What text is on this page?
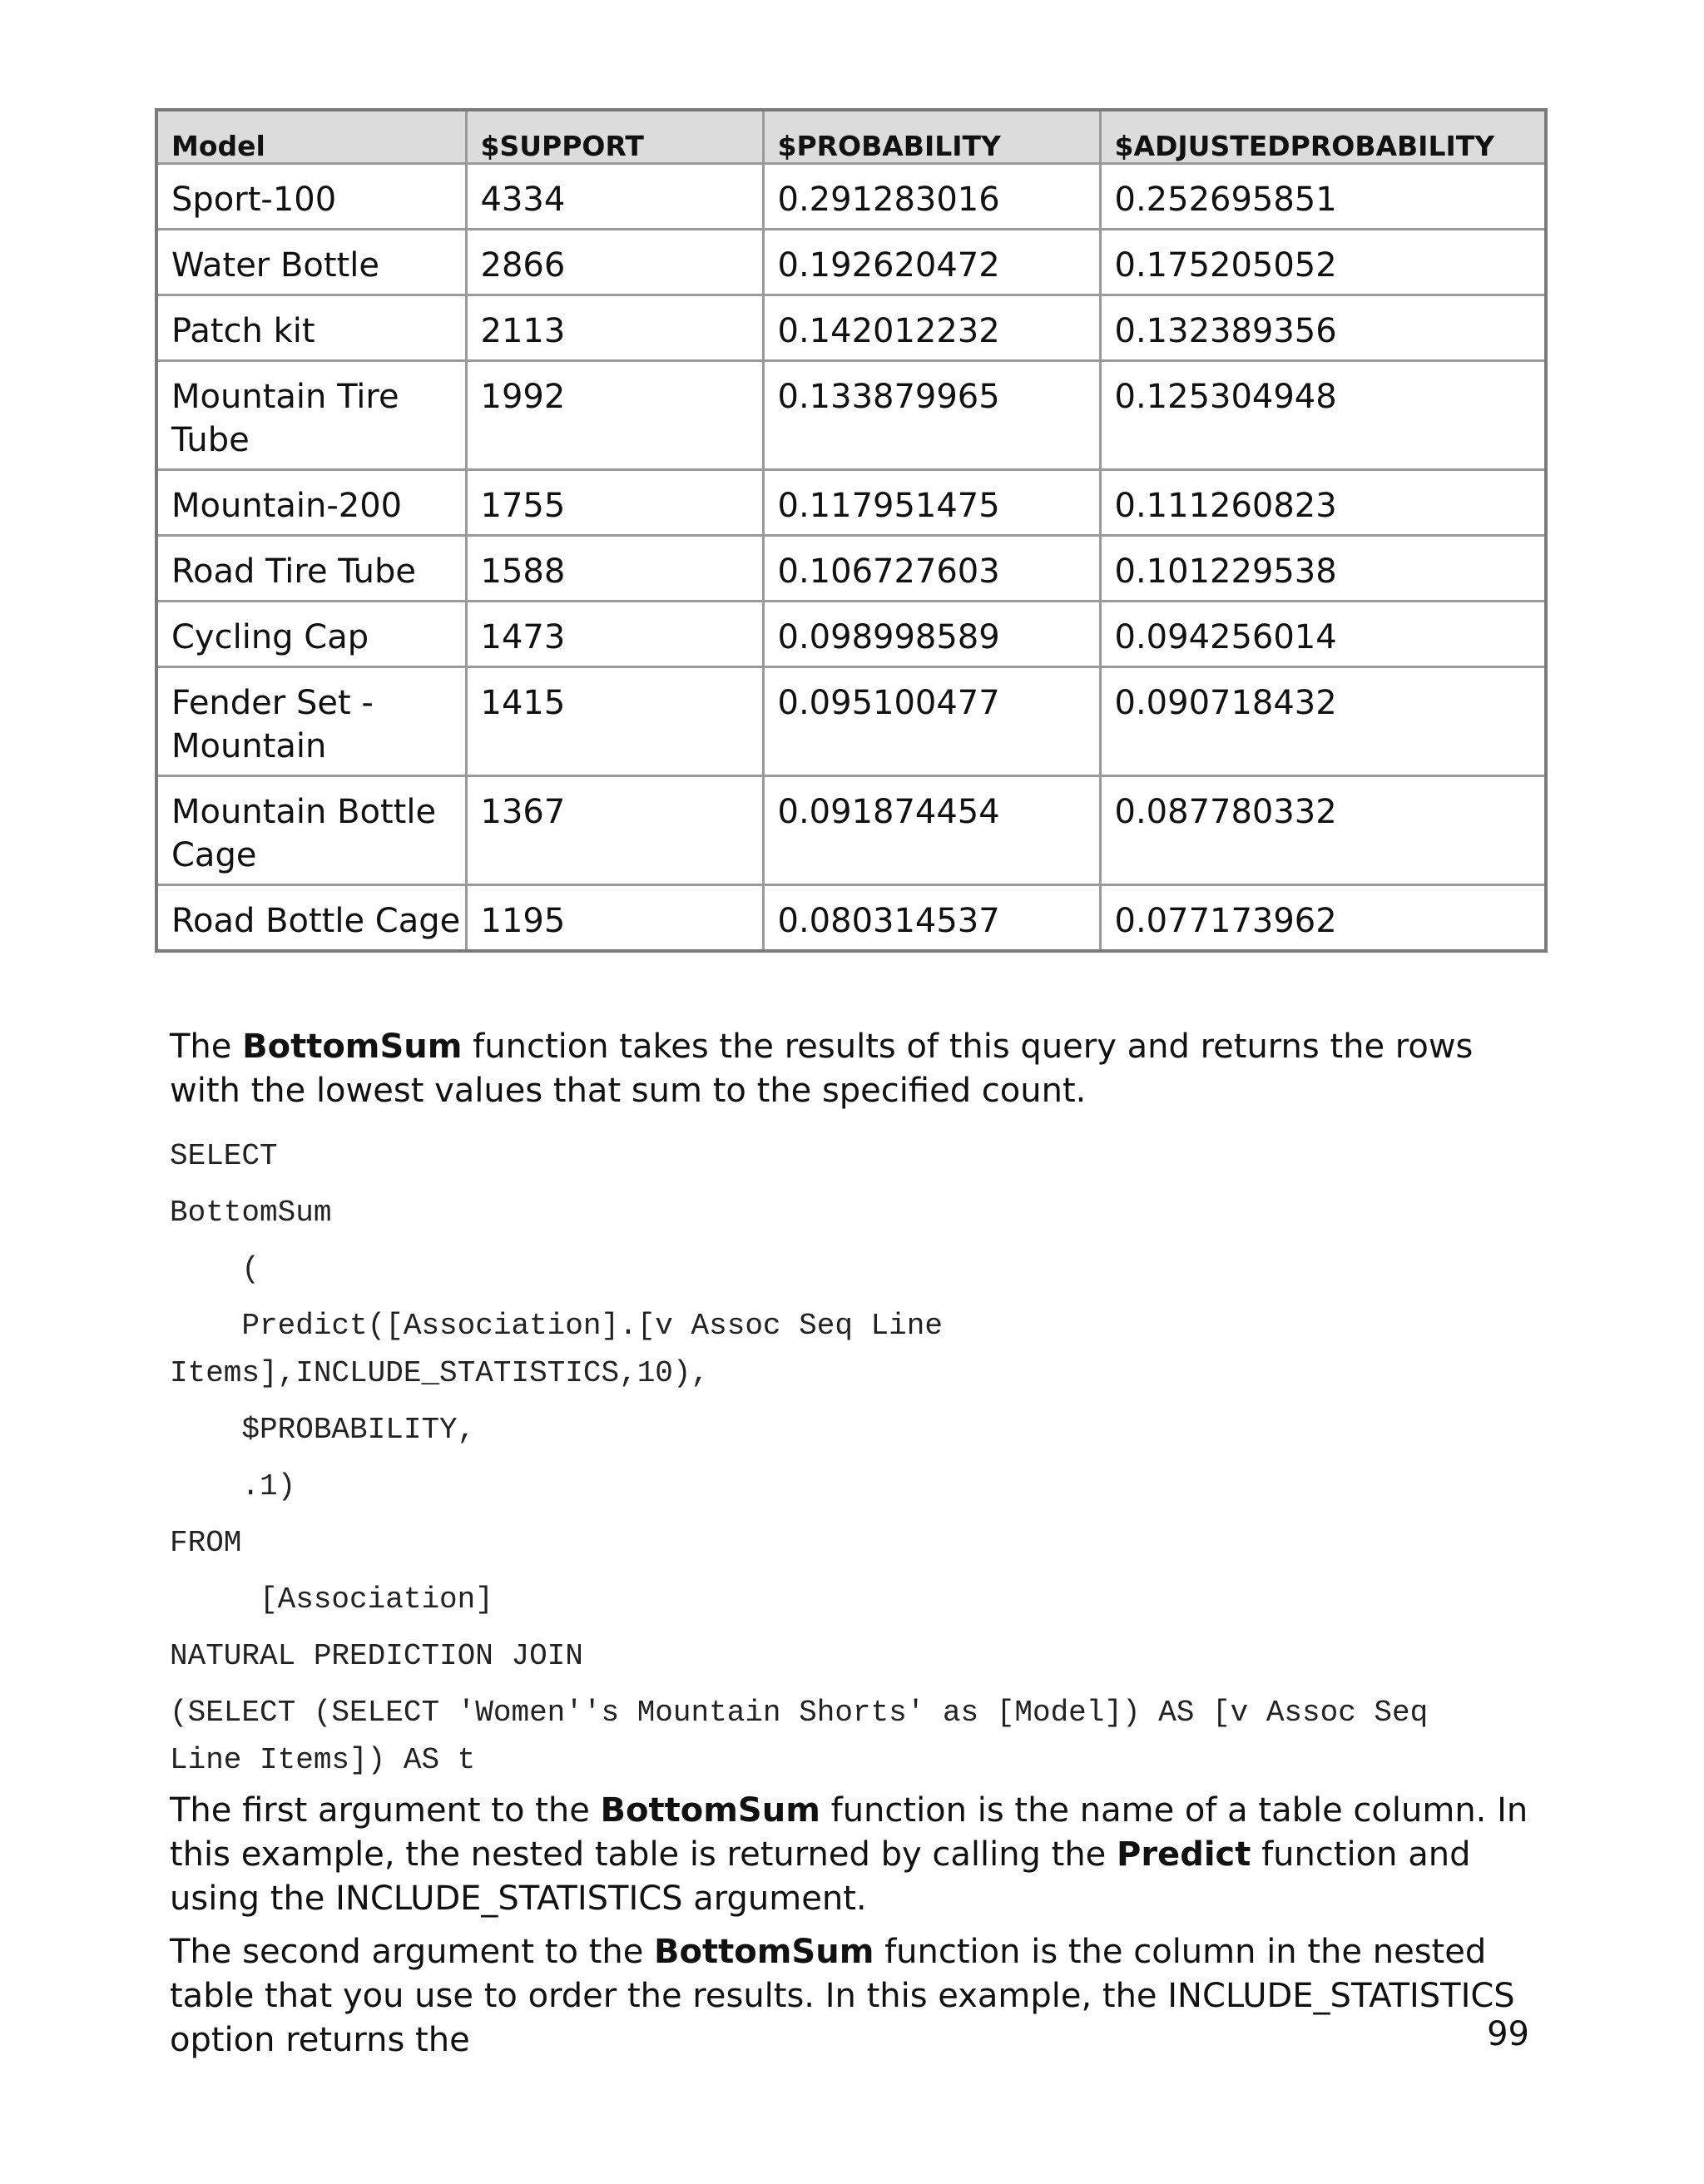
Model	$SUPPORT	$PROBABILITY	$ADJUSTEDPROBABILITY
Sport-100	4334	0.291283016	0.252695851
Water Bottle	2866	0.192620472	0.175205052
Patch kit	2113	0.142012232	0.132389356
Mountain Tire Tube	1992	0.133879965	0.125304948
Mountain-200	1755	0.117951475	0.111260823
Road Tire Tube	1588	0.106727603	0.101229538
Cycling Cap	1473	0.098998589	0.094256014
Fender Set - Mountain	1415	0.095100477	0.090718432
Mountain Bottle Cage	1367	0.091874454	0.087780332
Road Bottle Cage	1195	0.080314537	0.077173962

The BottomSum function takes the results of this query and returns the rows with the lowest values that sum to the specified count.

SELECT
BottomSum
(
Predict([Association].[v Assoc Seq Line
Items],INCLUDE_STATISTICS,10),
$PROBABILITY,
.1)
FROM
[Association]
NATURAL PREDICTION JOIN
(SELECT (SELECT 'Women''s Mountain Shorts' as [Model]) AS [v Assoc Seq
Line Items]) AS t

The first argument to the BottomSum function is the name of a table column. In this example, the nested table is returned by calling the Predict function and using the INCLUDE_STATISTICS argument.

The second argument to the BottomSum function is the column in the nested table that you use to order the results. In this example, the INCLUDE_STATISTICS option returns the	99
